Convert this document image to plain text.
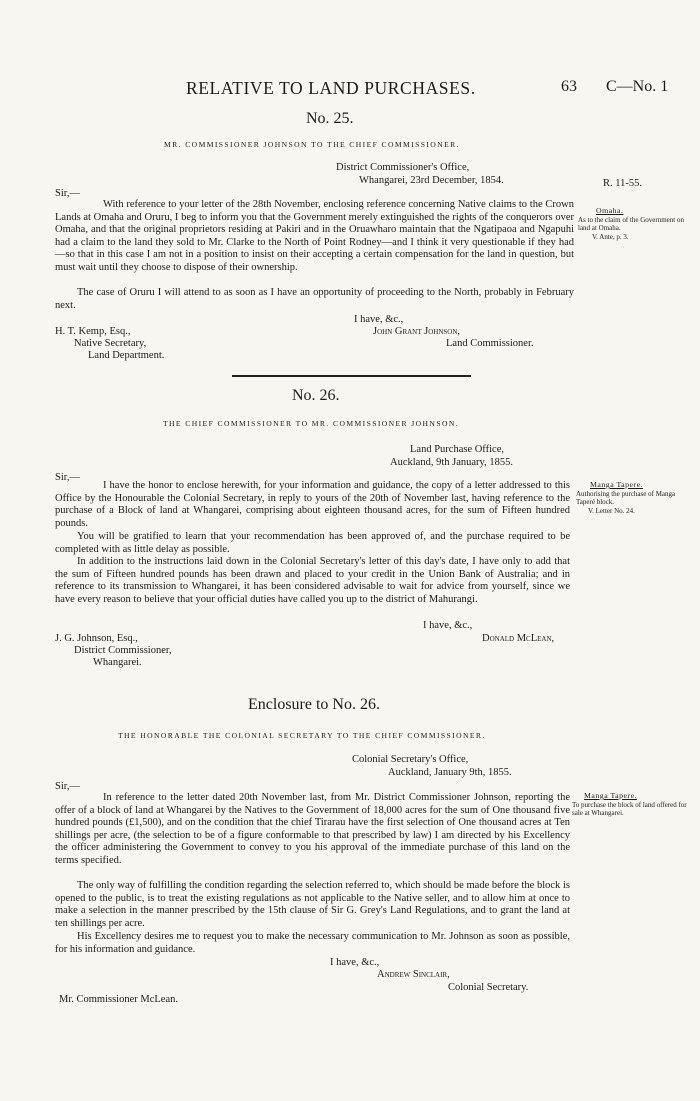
RELATIVE TO LAND PURCHASES.	63 C—No. 1
No. 25.
MR. COMMISSIONER JOHNSON TO THE CHIEF COMMISSIONER.
District Commissioner's Office,
Whangarei, 23rd December, 1854.	R. 11-55.
Sir,—
With reference to your letter of the 28th November, enclosing reference concerning Native claims to the Crown Lands at Omaha and Oruru, I beg to inform you that the Government merely extinguished the rights of the conquerors over Omaha, and that the original proprietors residing at Pakiri and in the Oruawharo maintain that the Ngatipaoa and Ngapuhi had a claim to the land they sold to Mr. Clarke to the North of Point Rodney—and I think it very questionable if they had—so that in this case I am not in a position to insist on their accepting a certain compensation for the land in question, but must wait until they choose to dispose of their ownership.
The case of Oruru I will attend to as soon as I have an opportunity of proceeding to the North, probably in February next.
Omaha.
As to the claim of the Government on land at Omaha.
V. Ante, p. 3.
I have, &c.,
John Grant Johnson,
Land Commissioner.
H. T. Kemp, Esq.,
Native Secretary,
Land Department.
No. 26.
THE CHIEF COMMISSIONER TO MR. COMMISSIONER JOHNSON.
Land Purchase Office,
Auckland, 9th January, 1855.
Sir,—
I have the honor to enclose herewith, for your information and guidance, the copy of a letter addressed to this Office by the Honourable the Colonial Secretary, in reply to yours of the 20th of November last, having reference to the purchase of a Block of land at Whangarei, comprising about eighteen thousand acres, for the sum of Fifteen hundred pounds.
You will be gratified to learn that your recommendation has been approved of, and the purchase required to be completed with as little delay as possible.
In addition to the instructions laid down in the Colonial Secretary's letter of this day's date, I have only to add that the sum of Fifteen hundred pounds has been drawn and placed to your credit in the Union Bank of Australia; and in reference to its transmission to Whangarei, it has been considered advisable to wait for advice from yourself, since we have every reason to believe that your official duties have called you up to the district of Mahurangi.
Manga Tapere.
Authorising the purchase of Manga Taperé block.
V. Letter No. 24.
I have, &c.,
Donald McLean,
J. G. Johnson, Esq.,
District Commissioner,
Whangarei.
Enclosure to No. 26.
THE HONORABLE THE COLONIAL SECRETARY TO THE CHIEF COMMISSIONER.
Colonial Secretary's Office,
Auckland, January 9th, 1855.
Sir,—
In reference to the letter dated 20th November last, from Mr. District Commissioner Johnson, reporting the offer of a block of land at Whangarei by the Natives to the Government of 18,000 acres for the sum of One thousand five hundred pounds (£1,500), and on the condition that the chief Tirarau have the first selection of One thousand acres at Ten shillings per acre, (the selection to be of a figure conformable to that prescribed by law) I am directed by his Excellency the officer administering the Government to convey to you his approval of the immediate purchase of this land on the terms specified.
The only way of fulfilling the condition regarding the selection referred to, which should be made before the block is opened to the public, is to treat the existing regulations as not applicable to the Native seller, and to allow him at once to make a selection in the manner prescribed by the 15th clause of Sir G. Grey's Land Regulations, and to grant the land at ten shillings per acre.
His Excellency desires me to request you to make the necessary communication to Mr. Johnson as soon as possible, for his information and guidance.
Manga Tapere.
To purchase the block of land offered for sale at Whangarei.
I have, &c.,
Andrew Sinclair,
Colonial Secretary.
Mr. Commissioner McLean.
